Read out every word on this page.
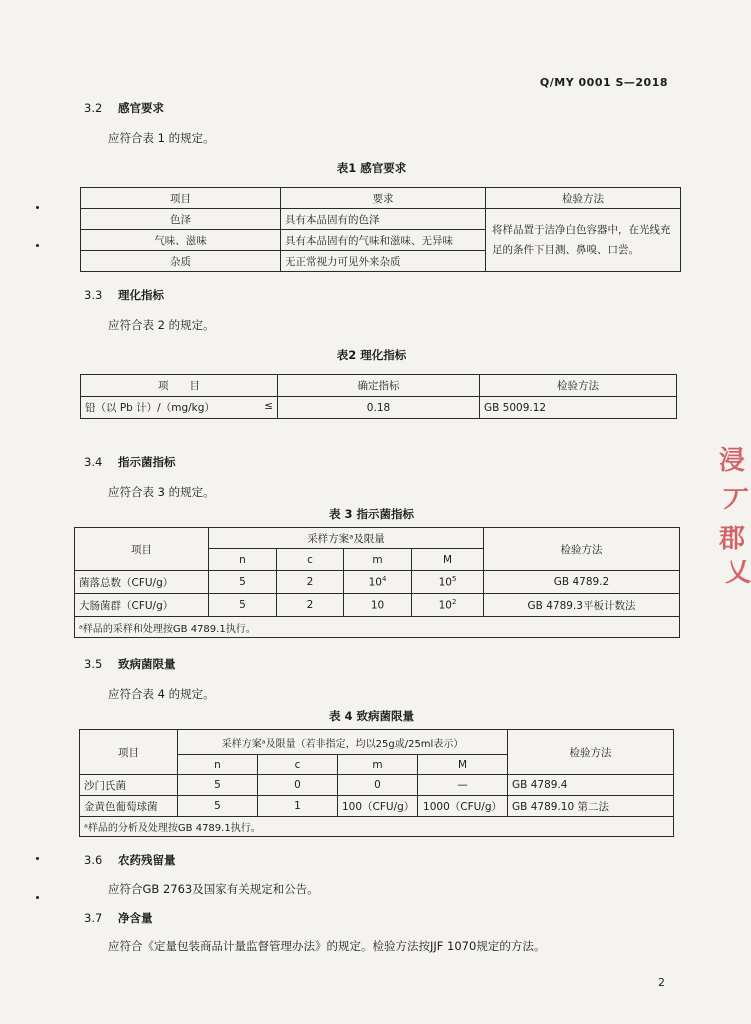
Q/MY 0001 S—2018
3.2 感官要求
应符合表 1 的规定。
表1 感官要求
项目	要求	检验方法
色泽	具有本品固有的色泽	将样品置于洁净白色容器中，在光线充足的条件下目测、鼻嗅、口尝。
气味、滋味	具有本品固有的气味和滋味、无异味	
杂质	无正常视力可见外来杂质	
3.3 理化指标
应符合表 2 的规定。
表2 理化指标
项　　目	确定指标	检验方法
铅（以 Pb 计）/（mg/kg） ≤	0.18	GB 5009.12
3.4 指示菌指标
应符合表 3 的规定。
表 3 指示菌指标
项目	采样方案ᵃ及限量				检验方法
	n	c	m	M	
菌落总数（CFU/g）	5	2	$10^4$	$10^5$	GB 4789.2
大肠菌群（CFU/g）	5	2	10	$10^2$	GB 4789.3平板计数法
ᵃ样品的采样和处理按GB 4789.1执行。					
3.5 致病菌限量
应符合表 4 的规定。
表 4 致病菌限量
项目	采样方案ᵃ及限量（若非指定，均以25g或/25ml表示）				检验方法
	n	c	m	M	
沙门氏菌	5	0	0	—	GB 4789.4
金黄色葡萄球菌	5	1	100（CFU/g）	1000（CFU/g）	GB 4789.10 第二法
ᵃ样品的分析及处理按GB 4789.1执行。					
3.6 农药残留量
应符合GB 2763及国家有关规定和公告。
3.7 净含量
应符合《定量包装商品计量监督管理办法》的规定。检验方法按JJF 1070规定的方法。
2
浸
丆
郡
乂
